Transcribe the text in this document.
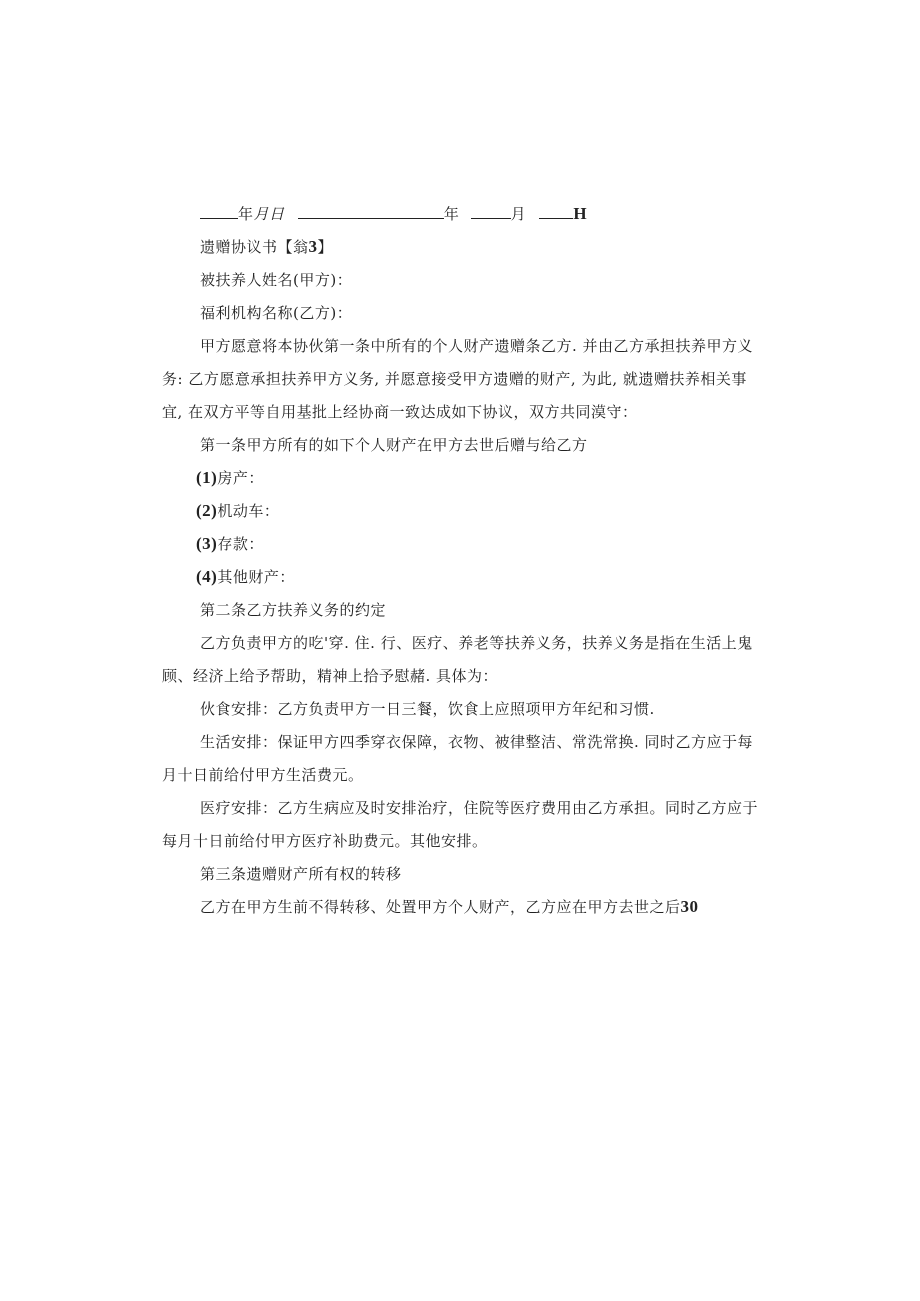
年月日	年	月	H
遗赠协议书【翁3】
被扶养人姓名(甲方)：
福利机构名称(乙方)：
甲方愿意将本协伙第一条中所有的个人财产遗赠条乙方. 并由乙方承担扶养甲方义
务: 乙方愿意承担扶养甲方义务, 并愿意接受甲方遗赠的财产, 为此, 就遗赠扶养相关事
宜, 在双方平等自用基批上经协商一致达成如下协议，双方共同漠守：
第一条甲方所有的如下个人财产在甲方去世后赠与给乙方
(1)房产：
(2)机动车：
(3)存款：
(4)其他财产：
第二条乙方扶养义务的约定
乙方负责甲方的吃'穿. 住. 行、医疗、养老等扶养义务，扶养义务是指在生活上鬼
顾、经济上给予帮助，精神上拾予慰赭. 具体为：
伙食安排：乙方负责甲方一日三餐，饮食上应照项甲方年纪和习惯.
生活安排：保证甲方四季穿衣保障，衣物、被律整洁、常洗常换. 同时乙方应于每
月十日前给付甲方生活费元。
医疗安排：乙方生病应及时安排治疗，住院等医疗费用由乙方承担。同时乙方应于
每月十日前给付甲方医疗补助费元。其他安排。
第三条遗赠财产所有权的转移
乙方在甲方生前不得转移、处置甲方个人财产，乙方应在甲方去世之后30
